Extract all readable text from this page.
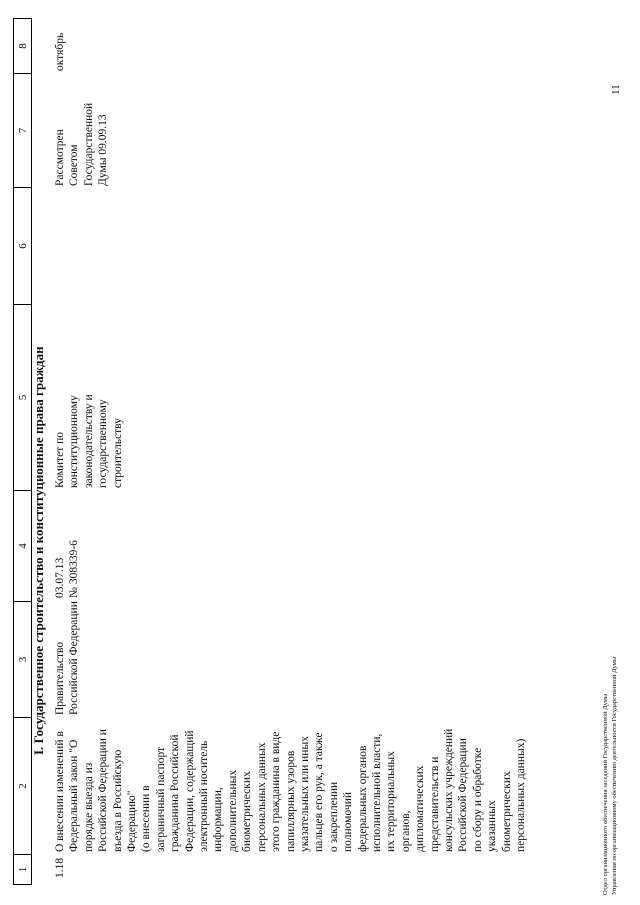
1
2
3
4
5
6
7
8
I. Государственное строительство и конституционные права граждан
1.18
О внесении изменений в
Федеральный закон "О
порядке выезда из
Российской Федерации и
въезда в Российскую
Федерацию"
(о внесении в
заграничный паспорт
гражданина Российской
Федерации, содержащий
электронный носитель
информации,
дополнительных
биометрических
персональных данных
этого гражданина в виде
папиллярных узоров
указательных или иных
пальцев его рук, а также
о закреплении
полномочий
федеральных органов
исполнительной власти,
их территориальных
органов,
дипломатических
представительств и
консульских учреждений
Российской Федерации
по сбору и обработке
указанных
биометрических
персональных данных)
Правительство
Российской Федерации
03.07.13
№ 308339-6
Комитет по
конституционному
законодательству и
государственному
строительству
Рассмотрен
Советом
Государственной
Думы 09.09.13
октябрь
Отдел организационного обеспечения заседаний Государственной Думы Управления по организационному обеспечению деятельности Государственной Думы
11
